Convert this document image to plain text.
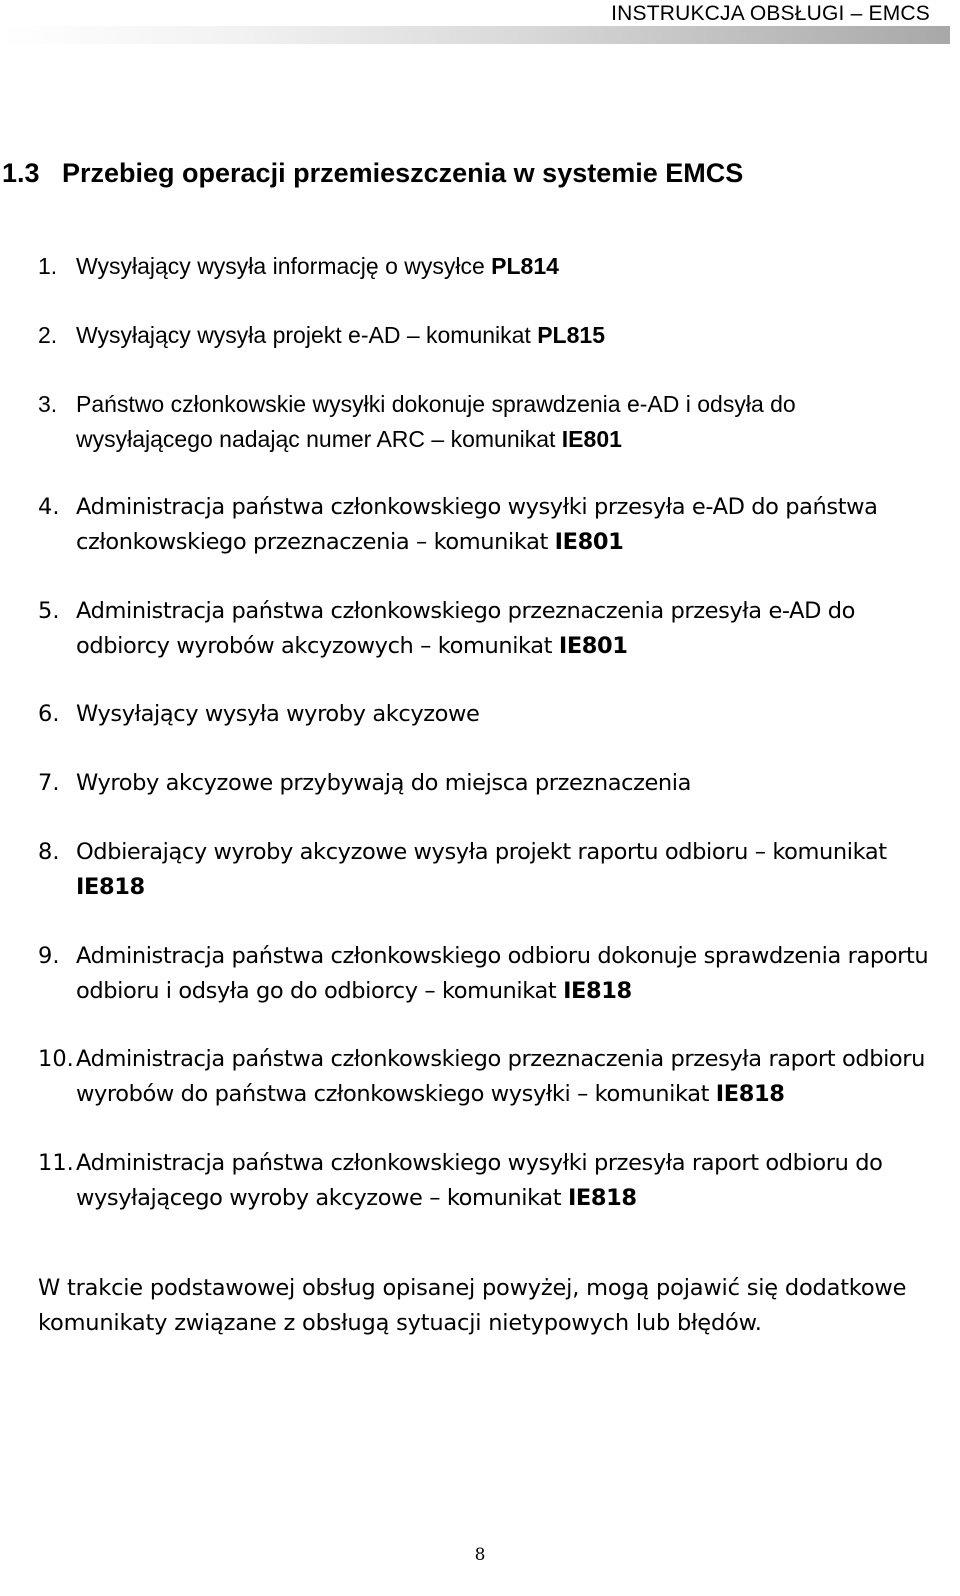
INSTRUKCJA OBSŁUGI – EMCS
1.3 Przebieg operacji przemieszczenia w systemie EMCS
1. Wysyłający wysyła informację o wysyłce PL814
2. Wysyłający wysyła projekt e-AD – komunikat PL815
3. Państwo członkowskie wysyłki dokonuje sprawdzenia e-AD i odsyła do wysyłającego nadając numer ARC – komunikat IE801
4. Administracja państwa członkowskiego wysyłki przesyła e-AD do państwa członkowskiego przeznaczenia – komunikat IE801
5. Administracja państwa członkowskiego przeznaczenia przesyła e-AD do odbiorcy wyrobów akcyzowych – komunikat IE801
6. Wysyłający wysyła wyroby akcyzowe
7. Wyroby akcyzowe przybywają do miejsca przeznaczenia
8. Odbierający wyroby akcyzowe wysyła projekt raportu odbioru – komunikat IE818
9. Administracja państwa członkowskiego odbioru dokonuje sprawdzenia raportu odbioru i odsyła go do odbiorcy – komunikat IE818
10. Administracja państwa członkowskiego przeznaczenia przesyła raport odbioru wyrobów do państwa członkowskiego wysyłki – komunikat IE818
11. Administracja państwa członkowskiego wysyłki przesyła raport odbioru do wysyłającego wyroby akcyzowe – komunikat IE818

W trakcie podstawowej obsług opisanej powyżej, mogą pojawić się dodatkowe komunikaty związane z obsługą sytuacji nietypowych lub błędów.

8
